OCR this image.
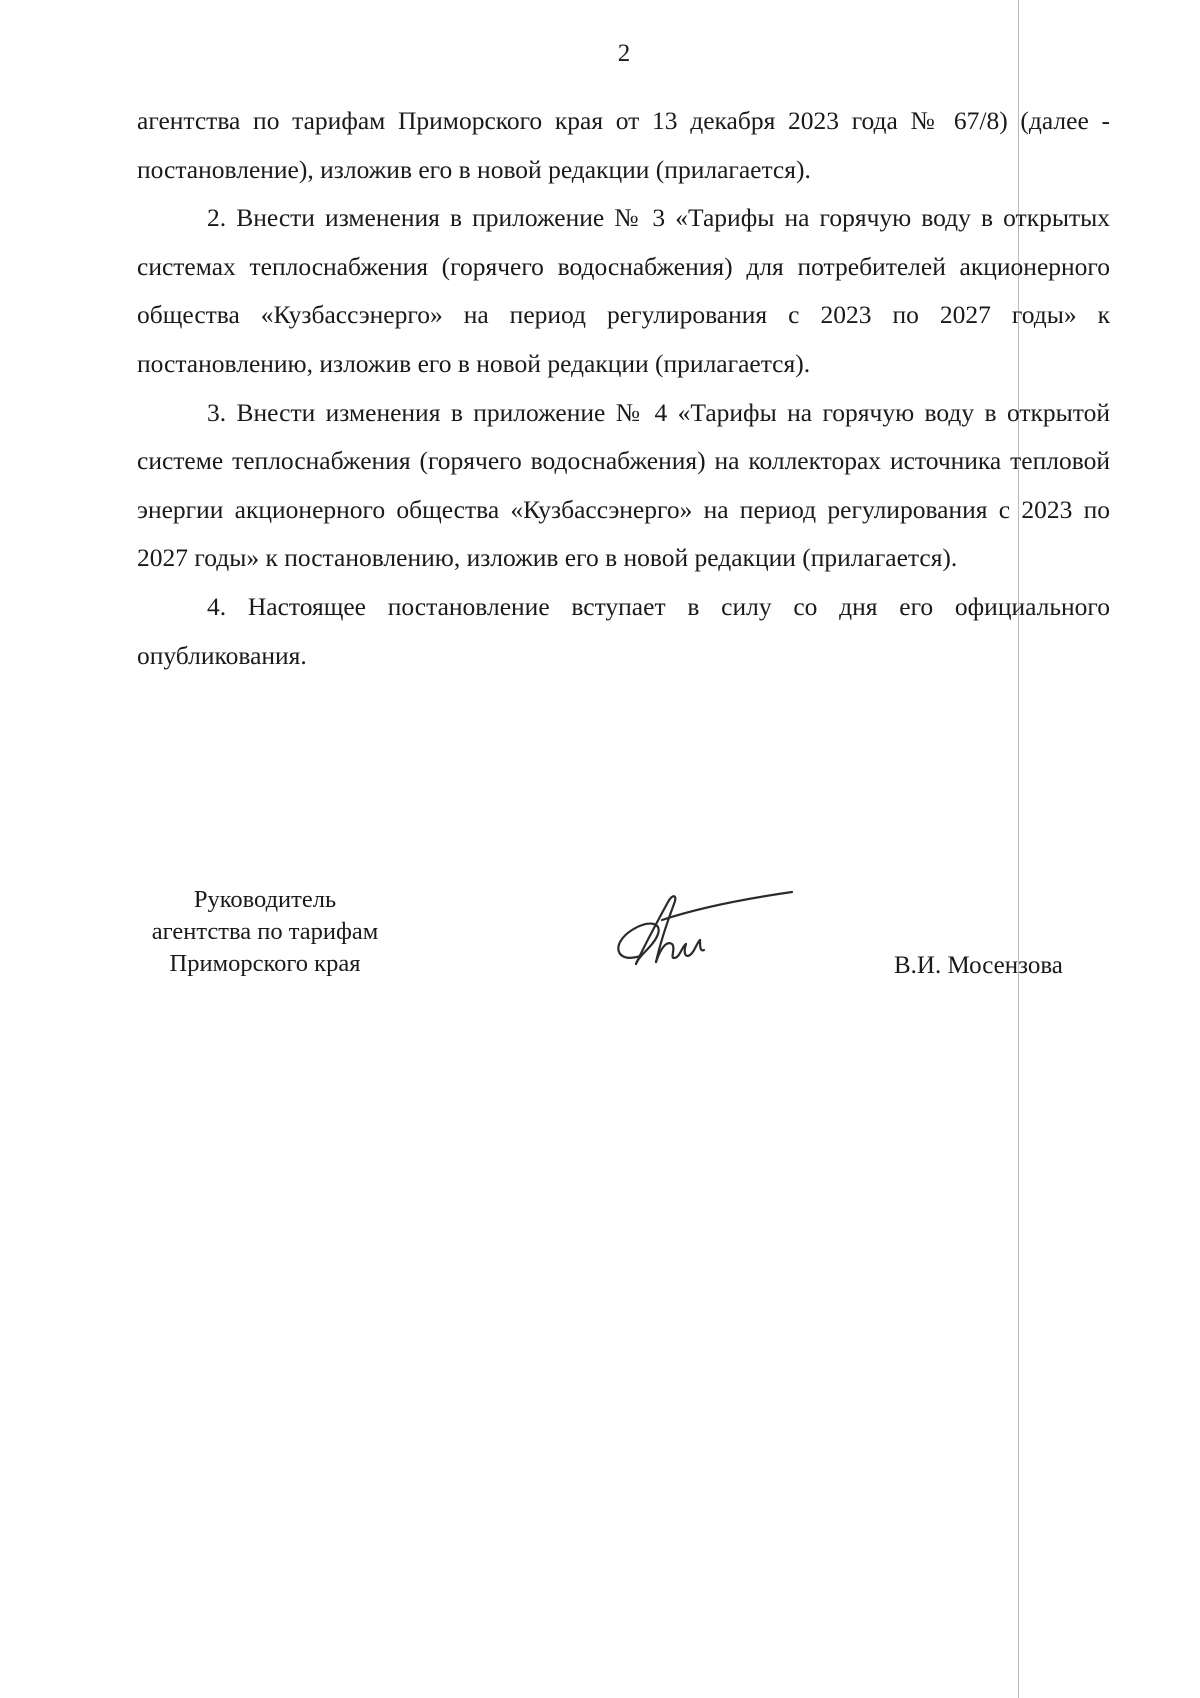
2

агентства по тарифам Приморского края от 13 декабря 2023 года № 67/8) (далее - постановление), изложив его в новой редакции (прилагается).

2. Внести изменения в приложение № 3 «Тарифы на горячую воду в открытых системах теплоснабжения (горячего водоснабжения) для потребителей акционерного общества «Кузбассэнерго» на период регулирования с 2023 по 2027 годы» к постановлению, изложив его в новой редакции (прилагается).

3. Внести изменения в приложение № 4 «Тарифы на горячую воду в открытой системе теплоснабжения (горячего водоснабжения) на коллекторах источника тепловой энергии акционерного общества «Кузбассэнерго» на период регулирования с 2023 по 2027 годы» к постановлению, изложив его в новой редакции (прилагается).

4. Настоящее постановление вступает в силу со дня его официального опубликования.

Руководитель
агентства по тарифам
Приморского края	В.И. Мосензова
